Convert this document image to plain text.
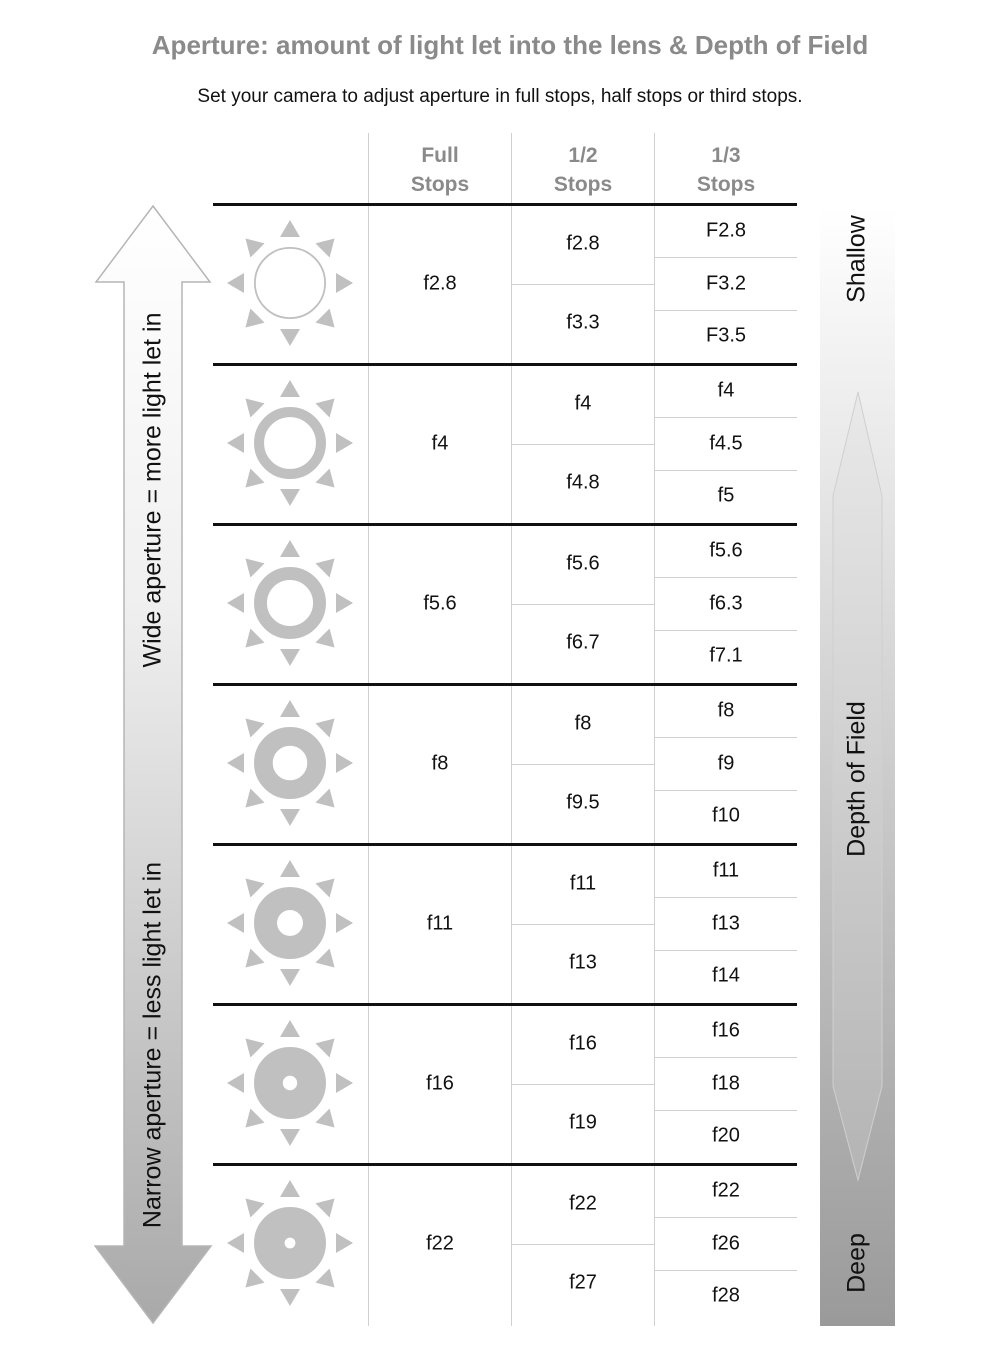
Aperture: amount of light let into the lens & Depth of Field
Set your camera to adjust aperture in full stops, half stops or third stops.
Wide aperture = more light let in
Narrow aperture = less light let in
Shallow
Depth of Field
Deep
Full
Stops
1/2
Stops
1/3
Stops
f2.8
f2.8
f3.3
F2.8
F3.2
F3.5
f4
f4
f4.8
f4
f4.5
f5
f5.6
f5.6
f6.7
f5.6
f6.3
f7.1
f8
f8
f9.5
f8
f9
f10
f11
f11
f13
f11
f13
f14
f16
f16
f19
f16
f18
f20
f22
f22
f27
f22
f26
f28
